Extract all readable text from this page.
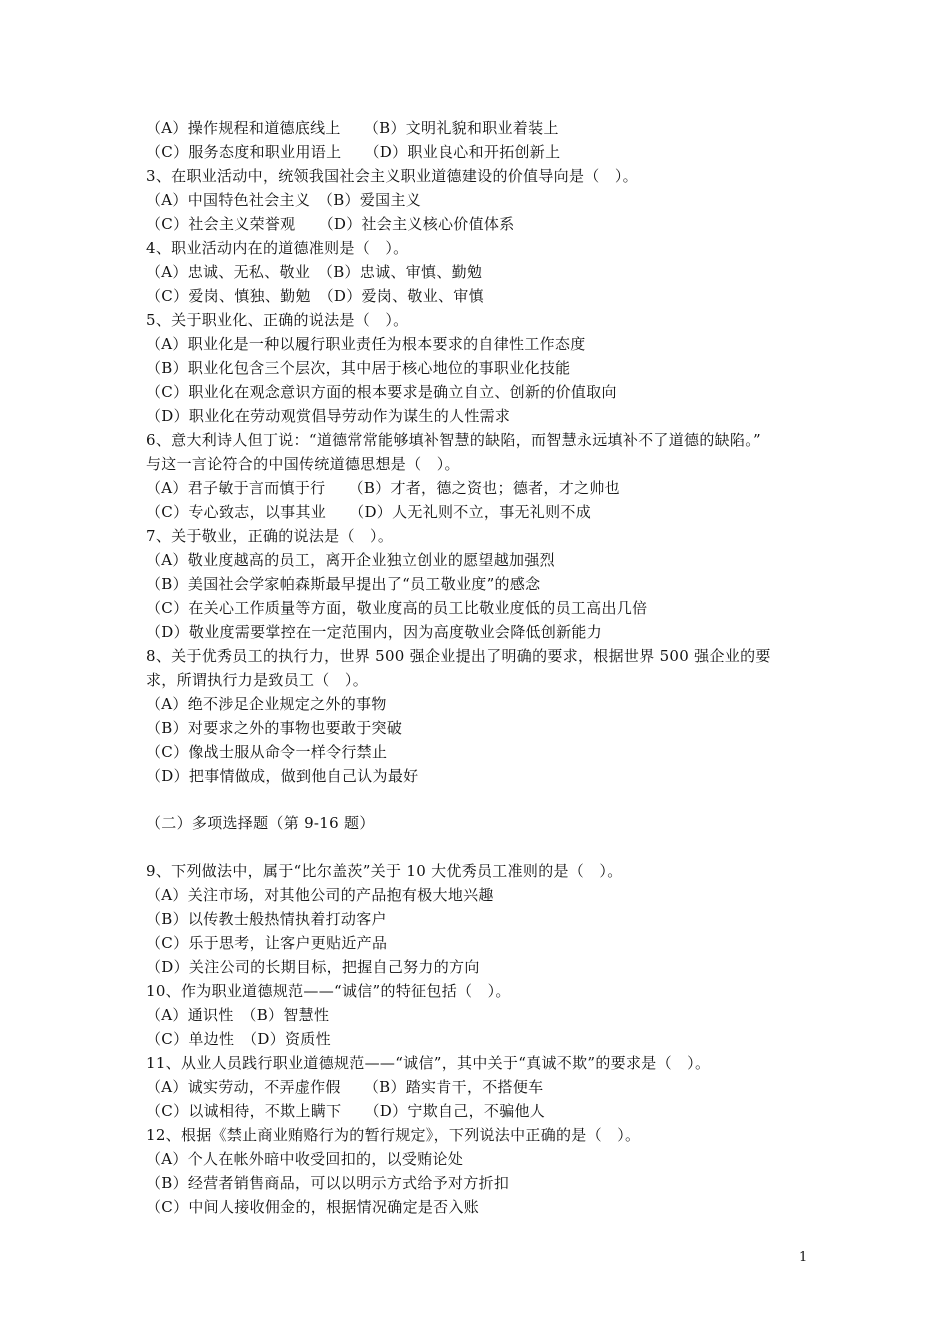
（A）操作规程和道德底线上　　（B）文明礼貌和职业着装上
（C）服务态度和职业用语上　　（D）职业良心和开拓创新上
3、在职业活动中，统领我国社会主义职业道德建设的价值导向是（　）。
（A）中国特色社会主义　（B）爱国主义
（C）社会主义荣誉观　　（D）社会主义核心价值体系
4、职业活动内在的道德准则是（　）。
（A）忠诚、无私、敬业　（B）忠诚、审慎、勤勉
（C）爱岗、慎独、勤勉　（D）爱岗、敬业、审慎
5、关于职业化、正确的说法是（　）。
（A）职业化是一种以履行职业责任为根本要求的自律性工作态度
（B）职业化包含三个层次，其中居于核心地位的事职业化技能
（C）职业化在观念意识方面的根本要求是确立自立、创新的价值取向
（D）职业化在劳动观赏倡导劳动作为谋生的人性需求
6、意大利诗人但丁说：“道德常常能够填补智慧的缺陷，而智慧永远填补不了道德的缺陷。”
与这一言论符合的中国传统道德思想是（　）。
（A）君子敏于言而慎于行　　（B）才者，德之资也；德者，才之帅也
（C）专心致志，以事其业　　（D）人无礼则不立，事无礼则不成
7、关于敬业，正确的说法是（　）。
（A）敬业度越高的员工，离开企业独立创业的愿望越加强烈
（B）美国社会学家帕森斯最早提出了“员工敬业度”的感念
（C）在关心工作质量等方面，敬业度高的员工比敬业度低的员工高出几倍
（D）敬业度需要掌控在一定范围内，因为高度敬业会降低创新能力
8、关于优秀员工的执行力，世界 500 强企业提出了明确的要求，根据世界 500 强企业的要
求，所谓执行力是致员工（　）。
（A）绝不涉足企业规定之外的事物
（B）对要求之外的事物也要敢于突破
（C）像战士服从命令一样令行禁止
（D）把事情做成，做到他自己认为最好
（二）多项选择题（第 9-16 题）
9、下列做法中，属于“比尔盖茨”关于 10 大优秀员工准则的是（　）。
（A）关注市场，对其他公司的产品抱有极大地兴趣
（B）以传教士般热情执着打动客户
（C）乐于思考，让客户更贴近产品
（D）关注公司的长期目标，把握自己努力的方向
10、作为职业道德规范——“诚信”的特征包括（　）。
（A）通识性　（B）智慧性
（C）单边性　（D）资质性
11、从业人员践行职业道德规范——“诚信”，其中关于“真诚不欺”的要求是（　）。
（A）诚实劳动，不弄虚作假　　（B）踏实肯干，不搭便车
（C）以诚相待，不欺上瞒下　　（D）宁欺自己，不骗他人
12、根据《禁止商业贿赂行为的暂行规定》，下列说法中正确的是（　）。
（A）个人在帐外暗中收受回扣的，以受贿论处
（B）经营者销售商品，可以以明示方式给予对方折扣
（C）中间人接收佣金的，根据情况确定是否入账
1
